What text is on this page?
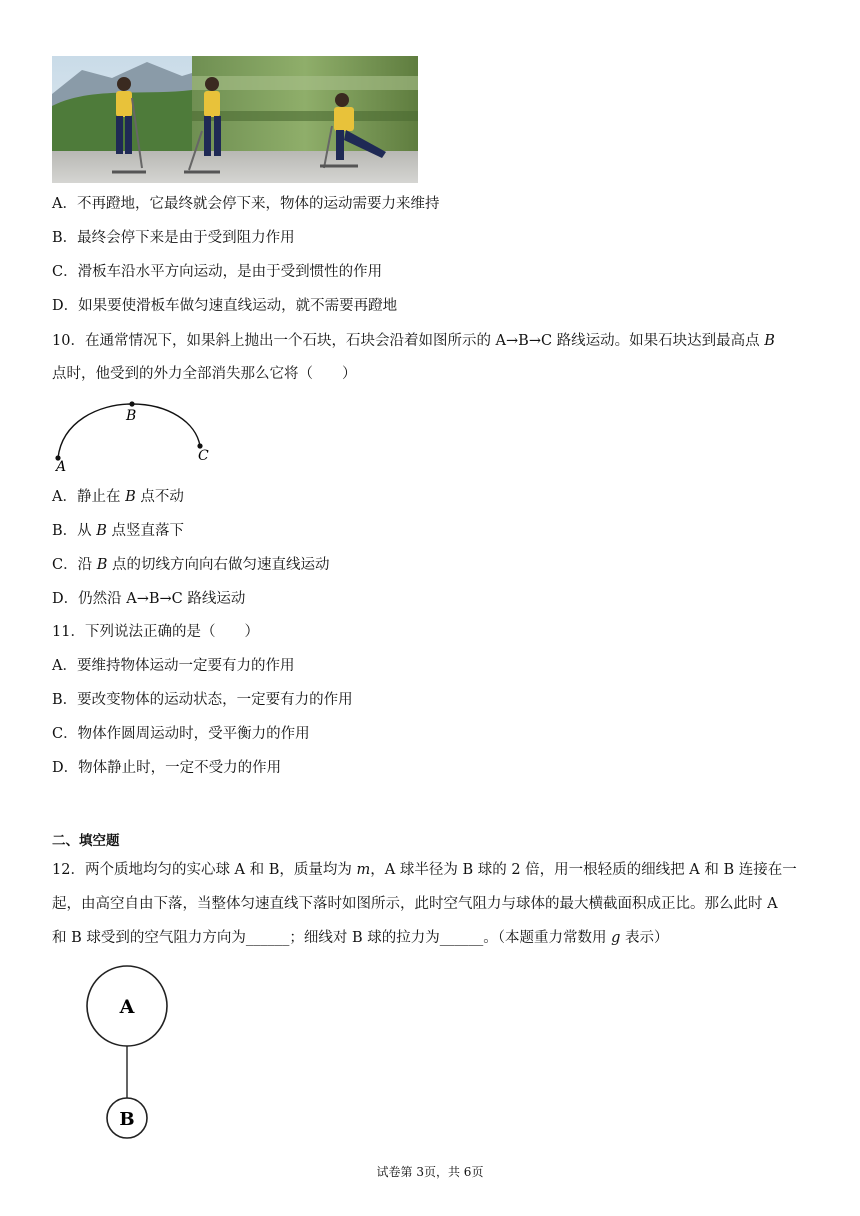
A．不再蹬地，它最终就会停下来，物体的运动需要力来维持
B．最终会停下来是由于受到阻力作用
C．滑板车沿水平方向运动，是由于受到惯性的作用
D．如果要使滑板车做匀速直线运动，就不需要再蹬地
10．在通常情况下，如果斜上抛出一个石块，石块会沿着如图所示的 A→B→C 路线运动。如果石块达到最高点 B
点时，他受到的外力全部消失那么它将（　　）
A
B
C
A．静止在 B 点不动
B．从 B 点竖直落下
C．沿 B 点的切线方向向右做匀速直线运动
D．仍然沿 A→B→C 路线运动
11．下列说法正确的是（　　）
A．要维持物体运动一定要有力的作用
B．要改变物体的运动状态，一定要有力的作用
C．物体作圆周运动时，受平衡力的作用
D．物体静止时，一定不受力的作用
二、填空题
12．两个质地均匀的实心球 A 和 B，质量均为 m，A 球半径为 B 球的 2 倍，用一根轻质的细线把 A 和 B 连接在一
起，由高空自由下落，当整体匀速直线下落时如图所示，此时空气阻力与球体的最大横截面积成正比。那么此时 A
和 B 球受到的空气阻力方向为______；细线对 B 球的拉力为______。（本题重力常数用 g 表示）
A
B
试卷第 3页，共 6页
